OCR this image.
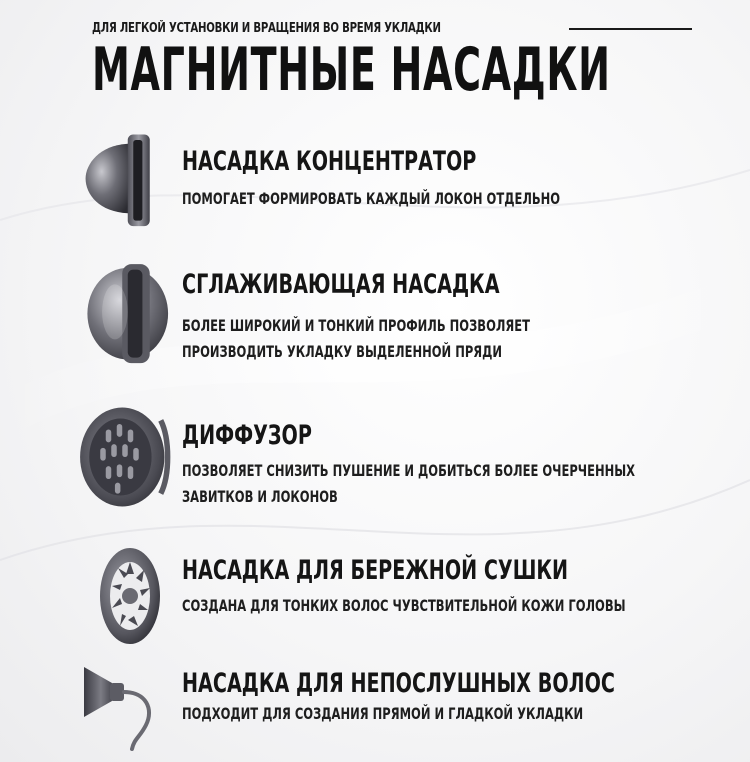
ДЛЯ ЛЕГКОЙ УСТАНОВКИ И ВРАЩЕНИЯ ВО ВРЕМЯ УКЛАДКИ
МАГНИТНЫЕ НАСАДКИ
НАСАДКА КОНЦЕНТРАТОР
ПОМОГАЕТ ФОРМИРОВАТЬ КАЖДЫЙ ЛОКОН ОТДЕЛЬНО
СГЛАЖИВАЮЩАЯ НАСАДКА
БОЛЕЕ ШИРОКИЙ И ТОНКИЙ ПРОФИЛЬ ПОЗВОЛЯЕТ
ПРОИЗВОДИТЬ УКЛАДКУ ВЫДЕЛЕННОЙ ПРЯДИ
ДИФФУЗОР
ПОЗВОЛЯЕТ СНИЗИТЬ ПУШЕНИЕ И ДОБИТЬСЯ БОЛЕЕ ОЧЕРЧЕННЫХ
ЗАВИТКОВ И ЛОКОНОВ
НАСАДКА ДЛЯ БЕРЕЖНОЙ СУШКИ
СОЗДАНА ДЛЯ ТОНКИХ ВОЛОС ЧУВСТВИТЕЛЬНОЙ КОЖИ ГОЛОВЫ
НАСАДКА ДЛЯ НЕПОСЛУШНЫХ ВОЛОС
ПОДХОДИТ ДЛЯ СОЗДАНИЯ ПРЯМОЙ И ГЛАДКОЙ УКЛАДКИ
